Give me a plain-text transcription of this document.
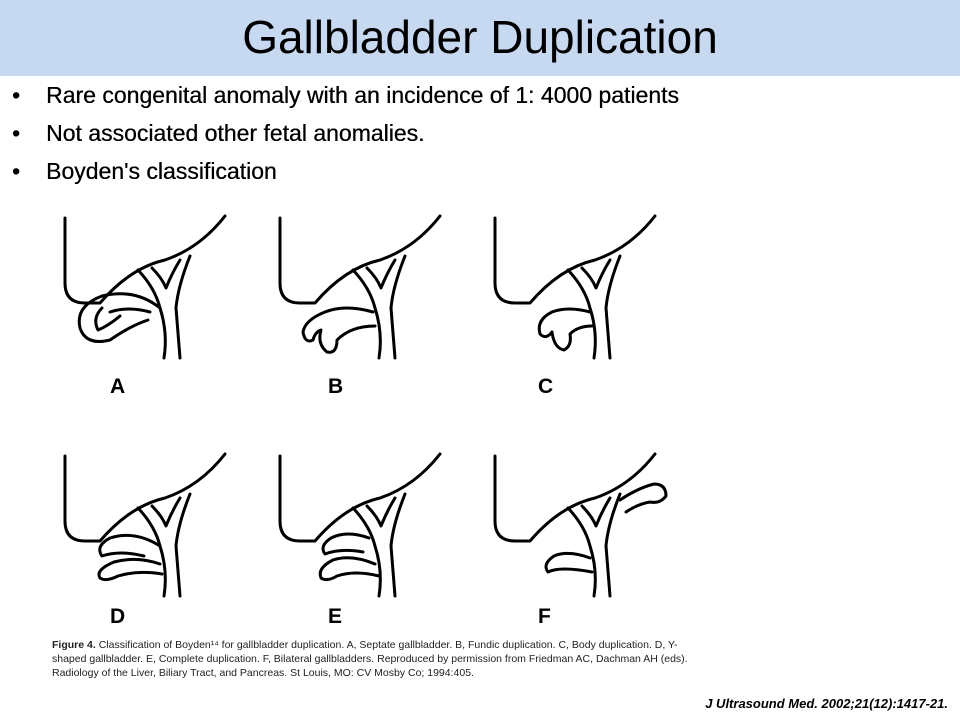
Gallbladder Duplication
•	Rare congenital anomaly with an incidence of 1: 4000 patients
•	Not associated other fetal anomalies.
•	Boyden's classification
A	B	C
D	E	F
Figure 4. Classification of Boyden¹⁴ for gallbladder duplication. A, Septate gallbladder. B, Fundic duplication. C, Body duplication. D, Y-shaped gallbladder. E, Complete duplication. F, Bilateral gallbladders. Reproduced by permission from Friedman AC, Dachman AH (eds). Radiology of the Liver, Biliary Tract, and Pancreas. St Louis, MO: CV Mosby Co; 1994:405.
J Ultrasound Med. 2002;21(12):1417-21.
